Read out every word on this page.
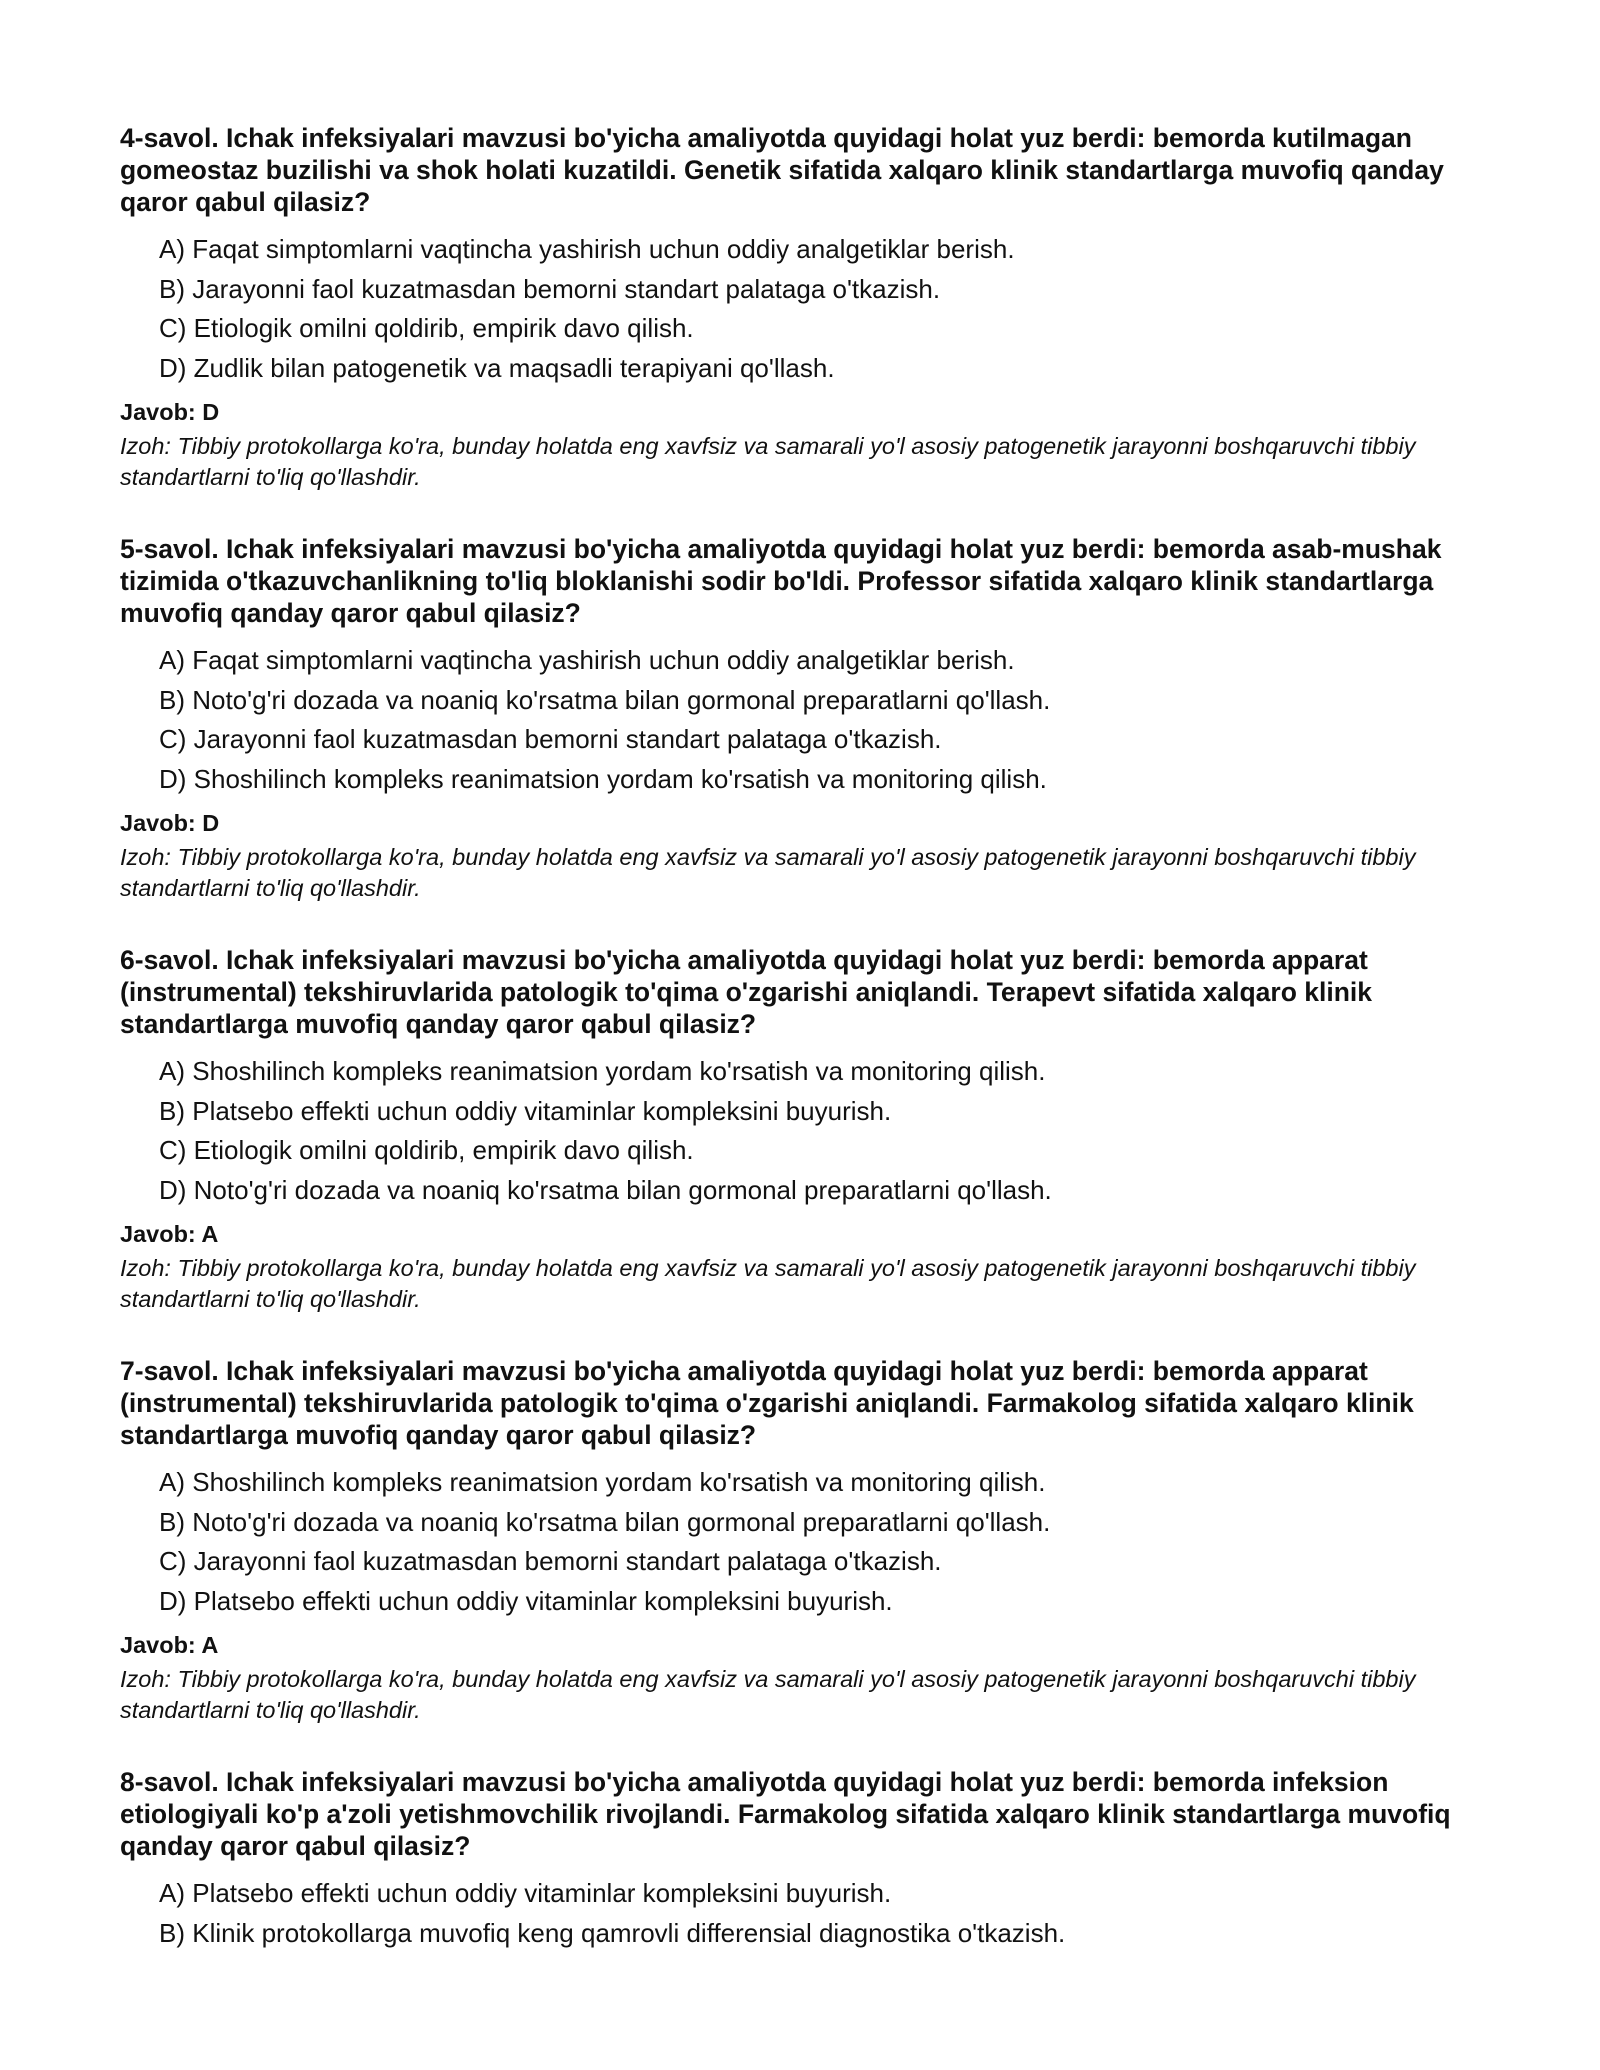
4-savol. Ichak infeksiyalari mavzusi bo'yicha amaliyotda quyidagi holat yuz berdi: bemorda kutilmagan gomeostaz buzilishi va shok holati kuzatildi. Genetik sifatida xalqaro klinik standartlarga muvofiq qanday qaror qabul qilasiz?

A) Faqat simptomlarni vaqtincha yashirish uchun oddiy analgetiklar berish.
B) Jarayonni faol kuzatmasdan bemorni standart palataga o'tkazish.
C) Etiologik omilni qoldirib, empirik davo qilish.
D) Zudlik bilan patogenetik va maqsadli terapiyani qo'llash.

Javob: D

Izoh: Tibbiy protokollarga ko'ra, bunday holatda eng xavfsiz va samarali yo'l asosiy patogenetik jarayonni boshqaruvchi tibbiy standartlarni to'liq qo'llashdir.

5-savol. Ichak infeksiyalari mavzusi bo'yicha amaliyotda quyidagi holat yuz berdi: bemorda asab-mushak tizimida o'tkazuvchanlikning to'liq bloklanishi sodir bo'ldi. Professor sifatida xalqaro klinik standartlarga muvofiq qanday qaror qabul qilasiz?

A) Faqat simptomlarni vaqtincha yashirish uchun oddiy analgetiklar berish.
B) Noto'g'ri dozada va noaniq ko'rsatma bilan gormonal preparatlarni qo'llash.
C) Jarayonni faol kuzatmasdan bemorni standart palataga o'tkazish.
D) Shoshilinch kompleks reanimatsion yordam ko'rsatish va monitoring qilish.

Javob: D

Izoh: Tibbiy protokollarga ko'ra, bunday holatda eng xavfsiz va samarali yo'l asosiy patogenetik jarayonni boshqaruvchi tibbiy standartlarni to'liq qo'llashdir.

6-savol. Ichak infeksiyalari mavzusi bo'yicha amaliyotda quyidagi holat yuz berdi: bemorda apparat (instrumental) tekshiruvlarida patologik to'qima o'zgarishi aniqlandi. Terapevt sifatida xalqaro klinik standartlarga muvofiq qanday qaror qabul qilasiz?

A) Shoshilinch kompleks reanimatsion yordam ko'rsatish va monitoring qilish.
B) Platsebo effekti uchun oddiy vitaminlar kompleksini buyurish.
C) Etiologik omilni qoldirib, empirik davo qilish.
D) Noto'g'ri dozada va noaniq ko'rsatma bilan gormonal preparatlarni qo'llash.

Javob: A

Izoh: Tibbiy protokollarga ko'ra, bunday holatda eng xavfsiz va samarali yo'l asosiy patogenetik jarayonni boshqaruvchi tibbiy standartlarni to'liq qo'llashdir.

7-savol. Ichak infeksiyalari mavzusi bo'yicha amaliyotda quyidagi holat yuz berdi: bemorda apparat (instrumental) tekshiruvlarida patologik to'qima o'zgarishi aniqlandi. Farmakolog sifatida xalqaro klinik standartlarga muvofiq qanday qaror qabul qilasiz?

A) Shoshilinch kompleks reanimatsion yordam ko'rsatish va monitoring qilish.
B) Noto'g'ri dozada va noaniq ko'rsatma bilan gormonal preparatlarni qo'llash.
C) Jarayonni faol kuzatmasdan bemorni standart palataga o'tkazish.
D) Platsebo effekti uchun oddiy vitaminlar kompleksini buyurish.

Javob: A

Izoh: Tibbiy protokollarga ko'ra, bunday holatda eng xavfsiz va samarali yo'l asosiy patogenetik jarayonni boshqaruvchi tibbiy standartlarni to'liq qo'llashdir.

8-savol. Ichak infeksiyalari mavzusi bo'yicha amaliyotda quyidagi holat yuz berdi: bemorda infeksion etiologiyali ko'p a'zoli yetishmovchilik rivojlandi. Farmakolog sifatida xalqaro klinik standartlarga muvofiq qanday qaror qabul qilasiz?

A) Platsebo effekti uchun oddiy vitaminlar kompleksini buyurish.
B) Klinik protokollarga muvofiq keng qamrovli differensial diagnostika o'tkazish.
